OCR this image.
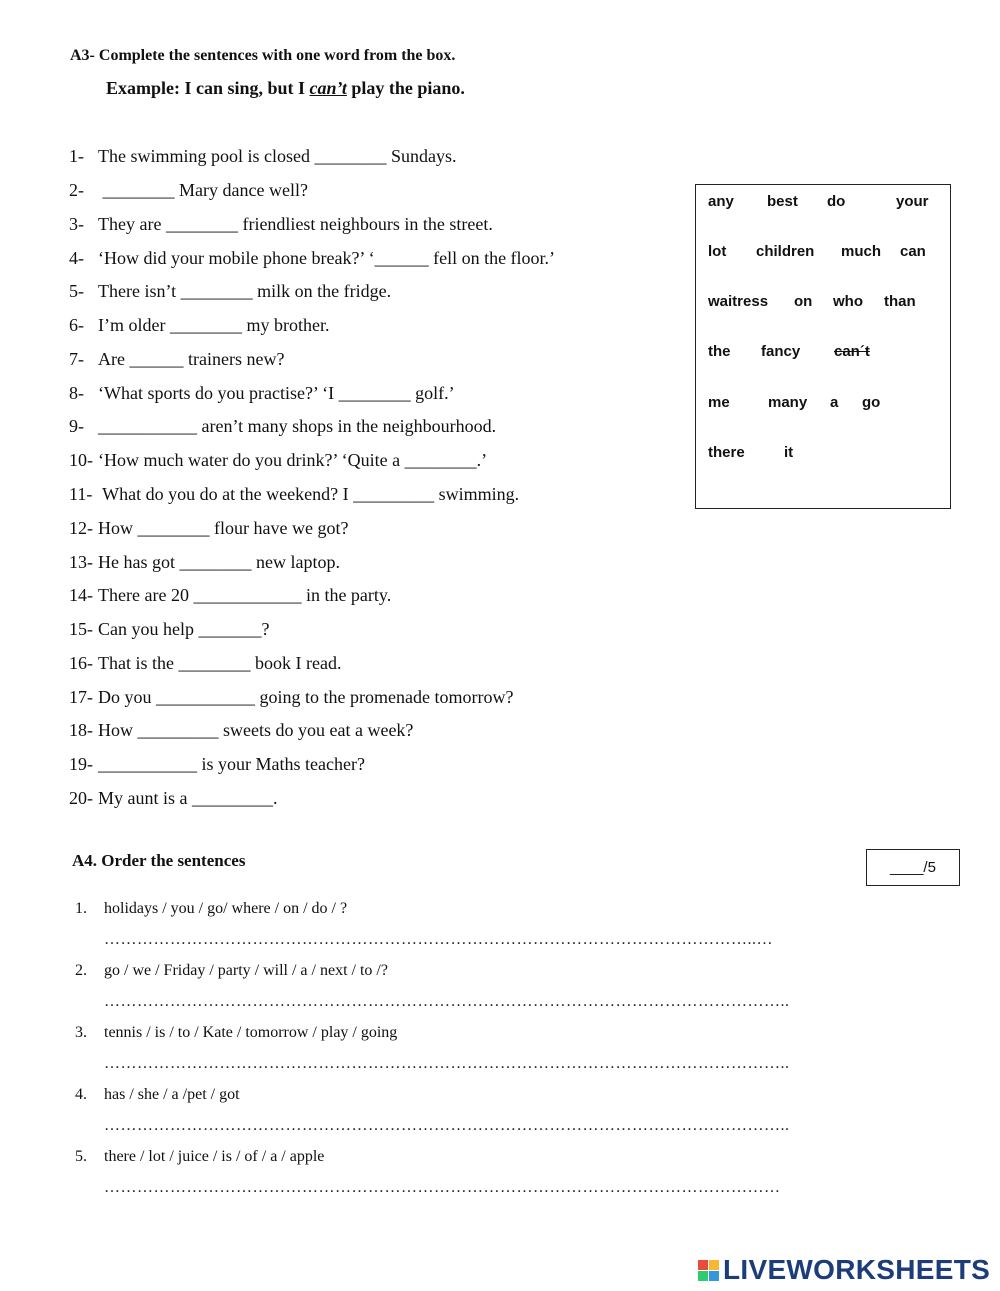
A3- Complete the sentences with one word from the box.
Example: I can sing, but I can’t play the piano.
1- The swimming pool is closed ________ Sundays.
2- ________ Mary dance well?
3- They are ________ friendliest neighbours in the street.
4- ‘How did your mobile phone break?’ ‘______ fell on the floor.’
5- There isn’t ________ milk on the fridge.
6- I’m older ________ my brother.
7- Are ______ trainers new?
8- ‘What sports do you practise?’ ‘I ________ golf.’
9- ___________ aren’t many shops in the neighbourhood.
10- ‘How much water do you drink?’ ‘Quite a ________.’
11- What do you do at the weekend? I _________ swimming.
12- How ________ flour have we got?
13- He has got ________ new laptop.
14- There are 20 ____________ in the party.
15- Can you help _______?
16- That is the ________ book I read.
17- Do you ___________ going to the promenade tomorrow?
18- How _________ sweets do you eat a week?
19- ___________ is your Maths teacher?
20- My aunt is a _________.
any best do	your
lot children much can
waitress on who than
the fancy can´t
me	many a go
there	it
A4. Order the sentences	____/5
1. holidays / you / go/ where / on / do / ?
………………………………………………………………………………………………………..…
2. go / we / Friday / party / will / a / next / to /?
……………………………………………………………………………………………………………..
3. tennis / is / to / Kate / tomorrow / play / going
……………………………………………………………………………………………………………..
4. has / she / a /pet / got
……………………………………………………………………………………………………………..
5. there / lot / juice / is / of / a / apple
……………………………………………………………………………………………………………
LIVEWORKSHEETS
